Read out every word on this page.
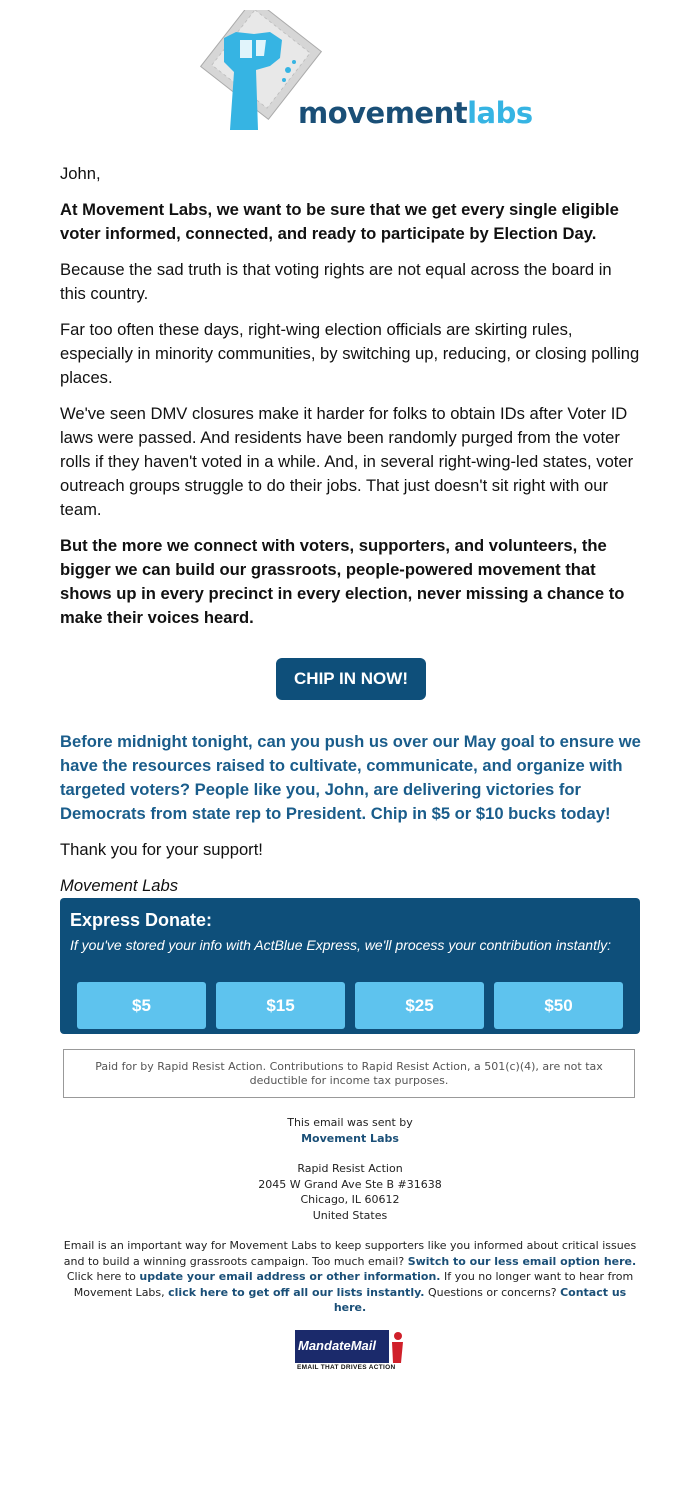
movementlabs

John,

At Movement Labs, we want to be sure that we get every single eligible voter informed, connected, and ready to participate by Election Day.

Because the sad truth is that voting rights are not equal across the board in this country.

Far too often these days, right-wing election officials are skirting rules, especially in minority communities, by switching up, reducing, or closing polling places.

We've seen DMV closures make it harder for folks to obtain IDs after Voter ID laws were passed. And residents have been randomly purged from the voter rolls if they haven't voted in a while. And, in several right-wing-led states, voter outreach groups struggle to do their jobs. That just doesn't sit right with our team.

But the more we connect with voters, supporters, and volunteers, the bigger we can build our grassroots, people-powered movement that shows up in every precinct in every election, never missing a chance to make their voices heard.

CHIP IN NOW!

Before midnight tonight, can you push us over our May goal to ensure we have the resources raised to cultivate, communicate, and organize with targeted voters? People like you, John, are delivering victories for Democrats from state rep to President. Chip in $5 or $10 bucks today!

Thank you for your support!

Movement Labs

Express Donate:
If you've stored your info with ActBlue Express, we'll process your contribution instantly:
$5	$15	$25	$50
Paid for by Rapid Resist Action. Contributions to Rapid Resist Action, a 501(c)(4), are not tax deductible for income tax purposes.
This email was sent by
Movement Labs
Rapid Resist Action
2045 W Grand Ave Ste B #31638
Chicago, IL 60612
United States
Email is an important way for Movement Labs to keep supporters like you informed about critical issues and to build a winning grassroots campaign. Too much email? Switch to our less email option here. Click here to update your email address or other information. If you no longer want to hear from Movement Labs, click here to get off all our lists instantly. Questions or concerns? Contact us here.
MandateMail
EMAIL THAT DRIVES ACTION
